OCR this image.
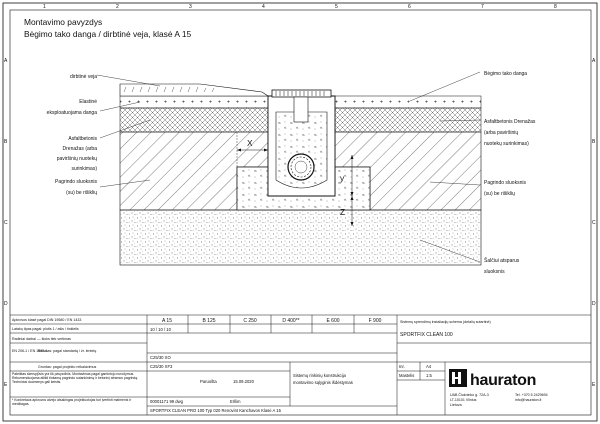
1	2	3	4	5	6	7	8
A
B
C
D
E
A
B
C
D
E
Montavimo pavyzdys
Bėgimo tako danga / dirbtinė veja, klasė A 15
X
y
Z
dirbtinė veja
Elastinė
eksploatuojama danga
Asfaltbetonis
Drenažas (arba
paviršinių nuotekų
surinkimas)
Pagrindo sluoksnis
(su) be rišiklių
Bėgimo tako danga
Asfaltbetonis Drenažas
(arba paviršinių
nuotekų surinkimas)
Pagrindo sluoksnis
(su) be rišiklių
Šalčiui atsparus
sluoksnis
Apkrovos klasė pagal DIN 19580 / EN 1433
Latakų tipas pagal: plotis 1 / ašis / tinklelis
Radiniai darbai — šioks tiek vertimas
EN 206-1 / EN 1992-1
Betonas: pagal standartą / žr. lentelę
Gruntas: pagal projekto reikalavimus
Pateiktas skerspjūvis yra tik pavyzdinis. Montavimas pagal gamintojo nurodymus. Rekomenduojama atlikti tinkamą pagrindo sutankinimą ir betoninį atramos pagrindą. Techniniai duomenys gali keistis.
* Konkretaus apkrovos atvejo atsakingas projektuotojas turi įvertinti matmenis ir medžiagas.
A 15	B 125	C 250	D 400**	E 600	F 900
10 / 10 / 10
C25/30 XO
C25/30 XF3
Paruošta	15.09.2020
Sistemų rinkinių konstrukcija
montavimo sąlyginis išdėstymas
00001171 99 dwg	Erllim
SPORTFIX CLEAN PRO 100 Typ 020 Renovint Kanchavos Klasė A 15
Sistemų sprendimų instaliacijų schema (detalių sutartinė)
SPORTFIX CLEAN 100
Inr.	A4
Mastelis	1:5 hauraton
UAB Čiukninko g. 72A-3
LT-10101 Vilnius
Lietuva
Tel. +370 5 2429694
info@hauraton.lt
